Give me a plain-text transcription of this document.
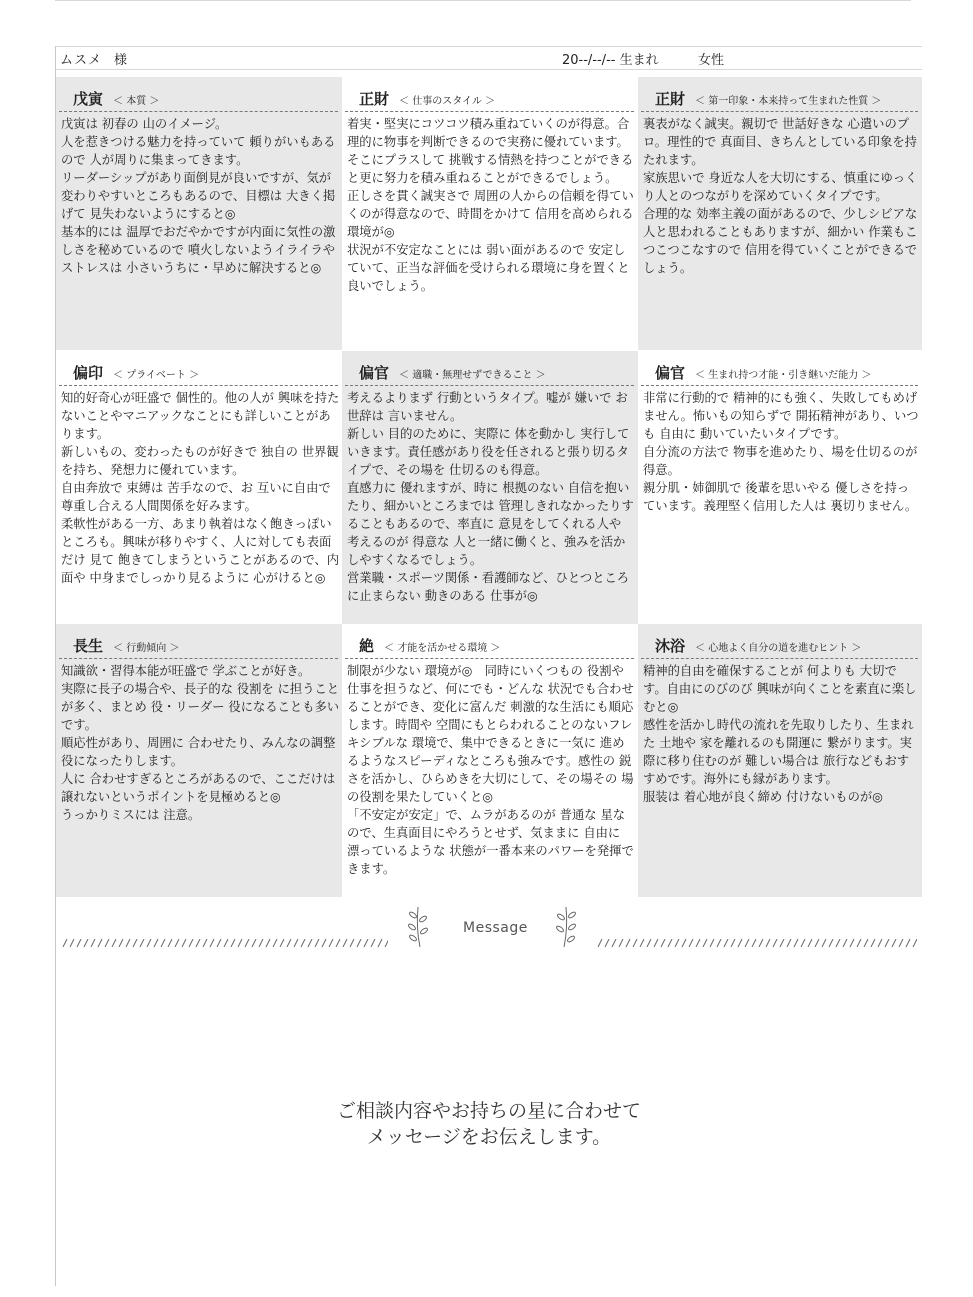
ムスメ 様	20--/--/-- 生まれ	女性
戊寅 ＜ 本質 ＞
戊寅は 初春の 山のイメージ。
人を惹きつける魅力を持っていて 頼りがいもあるので 人が周りに集まってきます。
リーダーシップがあり面倒見が良いですが、気が変わりやすいところもあるので、目標は 大きく掲げて 見失わないようにすると◎
基本的には 温厚でおだやかですが内面に気性の激しさを秘めているので 噴火しないようイライラやストレスは 小さいうちに・早めに解決すると◎
正財 ＜ 仕事のスタイル ＞
着実・堅実にコツコツ積み重ねていくのが得意。合理的に物事を判断できるので実務に優れています。そこにプラスして 挑戦する情熱を持つことができると更に努力を積み重ねることができるでしょう。
正しさを貫く誠実さで 周囲の人からの信頼を得ていくのが得意なので、時間をかけて 信用を高められる環境が◎
状況が不安定なことには 弱い面があるので 安定していて、正当な評価を受けられる環境に身を置くと良いでしょう。
正財 ＜ 第一印象・本来持って生まれた性質 ＞
裏表がなく誠実。親切で 世話好きな 心遣いのプロ。理性的で 真面目、きちんとしている印象を持たれます。
家族思いで 身近な人を大切にする、慎重にゆっくり人とのつながりを深めていくタイプです。
合理的な 効率主義の面があるので、少しシビアな 人と思われることもありますが、細かい 作業もこつこつこなすので 信用を得ていくことができるでしょう。
偏印 ＜ プライベート ＞
知的好奇心が旺盛で 個性的。他の人が 興味を持たないことやマニアックなことにも詳しいことがあります。
新しいもの、変わったものが好きで 独自の 世界観を持ち、発想力に優れています。
自由奔放で 束縛は 苦手なので、お 互いに自由で 尊重し合える人間関係を好みます。
柔軟性がある一方、あまり執着はなく飽きっぽいところも。興味が移りやすく、人に対しても表面だけ 見て 飽きてしまうということがあるので、内面や 中身までしっかり見るように 心がけると◎
偏官 ＜ 適職・無理せずできること ＞
考えるよりまず 行動というタイプ。嘘が 嫌いで お世辞は 言いません。
新しい 目的のために、実際に 体を動かし 実行していきます。責任感があり役を任されると張り切るタイプで、その場を 仕切るのも得意。
直感力に 優れますが、時に 根拠のない 自信を抱いたり、細かいところまでは 管理しきれなかったりすることもあるので、率直に 意見をしてくれる人や 考えるのが 得意な 人と一緒に働くと、強みを活かしやすくなるでしょう。
営業職・スポーツ関係・看護師など、ひとつところに止まらない 動きのある 仕事が◎
偏官 ＜ 生まれ持つ才能・引き継いだ能力 ＞
非常に行動的で 精神的にも強く、失敗してもめげません。怖いもの知らずで 開拓精神があり、いつも 自由に 動いていたいタイプです。
自分流の方法で 物事を進めたり、場を仕切るのが 得意。
親分肌・姉御肌で 後輩を思いやる 優しさを持っています。義理堅く信用した人は 裏切りません。
長生 ＜ 行動傾向 ＞
知識欲・習得本能が旺盛で 学ぶことが好き。
実際に長子の場合や、長子的な 役割を に担うことが多く、まとめ 役・リーダー 役になることも多いです。
順応性があり、周囲に 合わせたり、みんなの調整役になったりします。
人に 合わせすぎるところがあるので、ここだけは 譲れないというポイントを見極めると◎
うっかりミスには 注意。
絶 ＜ 才能を活かせる環境 ＞
制限が少ない 環境が◎　同時にいくつもの 役割や 仕事を担うなど、何にでも・どんな 状況でも合わせることができ、変化に富んだ 刺激的な生活にも順応します。時間や 空間にもとらわれることのないフレキシブルな 環境で、集中できるときに一気に 進めるようなスピーディなところも強みです。感性の 鋭さを活かし、ひらめきを大切にして、その場その 場の役割を果たしていくと◎
「不安定が安定」で、ムラがあるのが 普通な 星なので、生真面目にやろうとせず、気ままに 自由に 漂っているような 状態が一番本来のパワーを発揮できます。
沐浴 ＜ 心地よく自分の道を進むヒント ＞
精神的自由を確保することが 何よりも 大切です。自由にのびのび 興味が向くことを素直に楽しむと◎
感性を活かし時代の流れを先取りしたり、生まれた 土地や 家を離れるのも開運に 繋がります。実際に移り住むのが 難しい場合は 旅行などもおすすめです。海外にも縁があります。
服装は 着心地が良く締め 付けないものが◎
Message
ご相談内容やお持ちの星に合わせて
メッセージをお伝えします。
